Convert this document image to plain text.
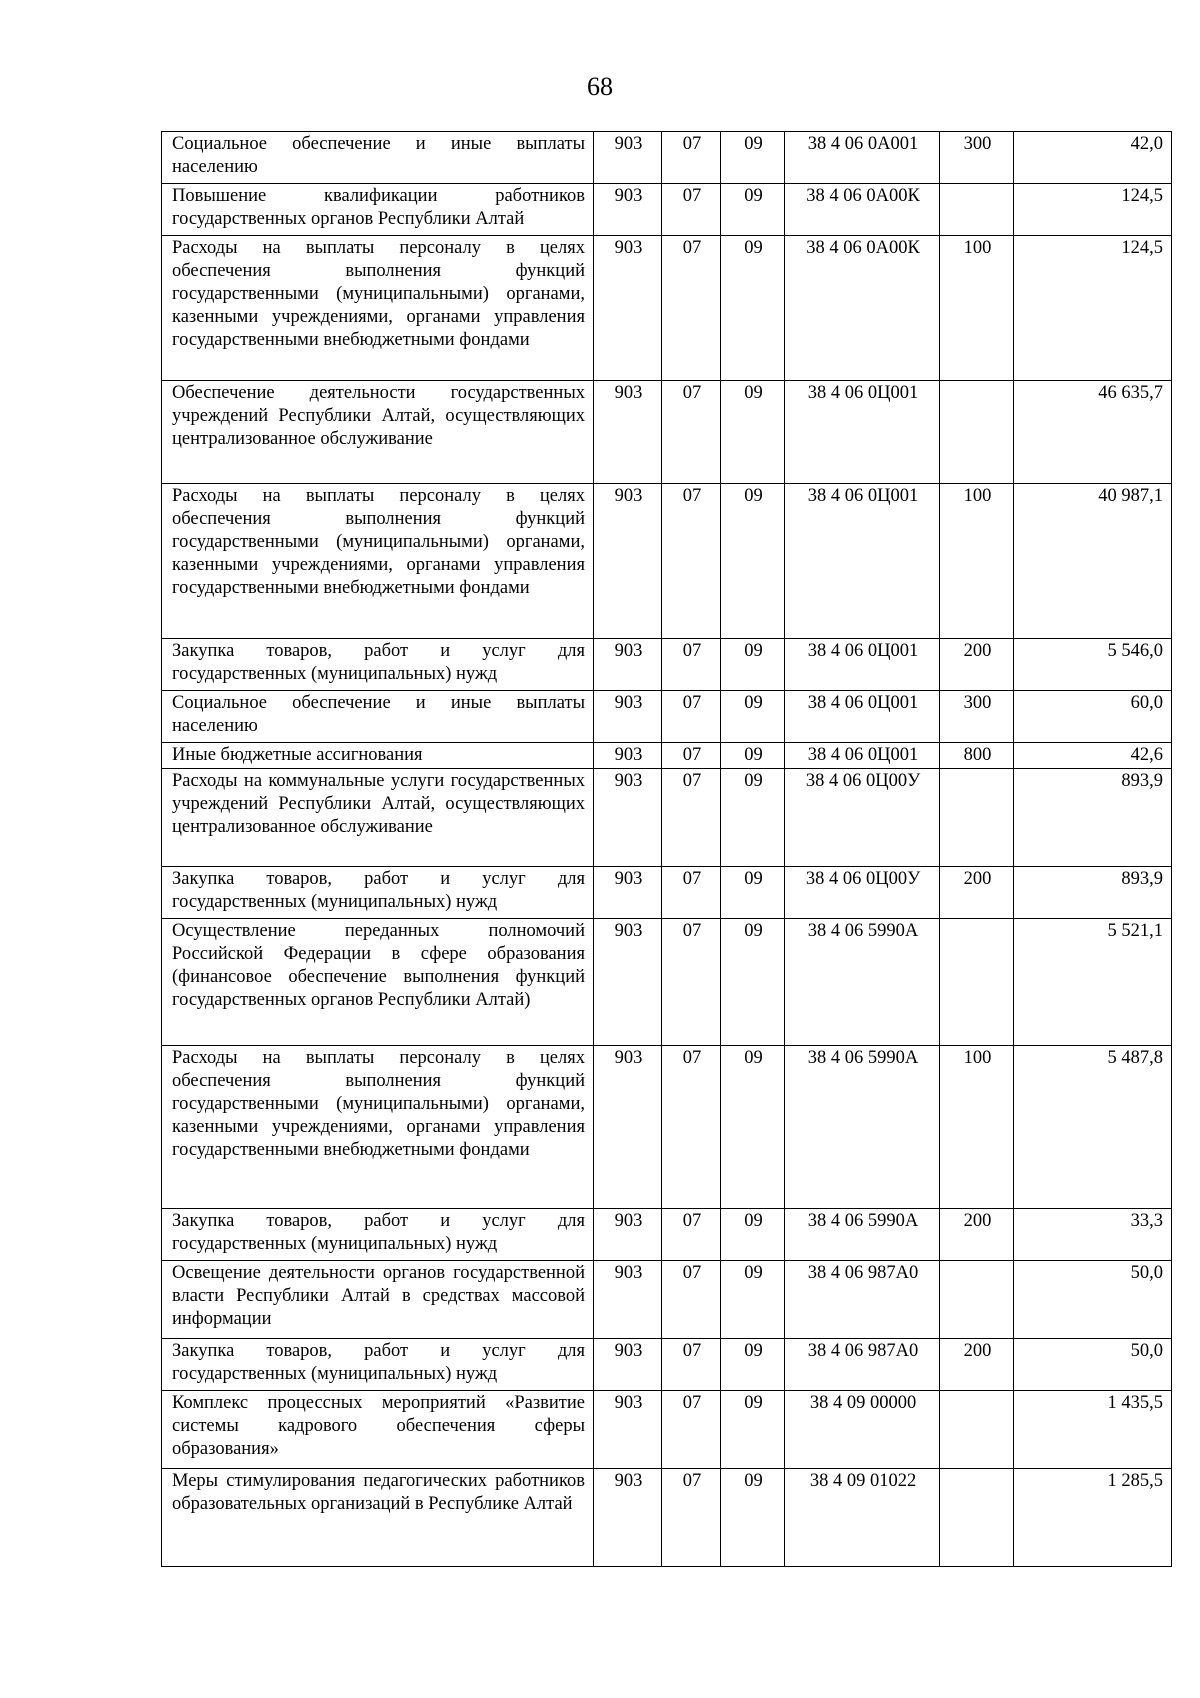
68
Социальное обеспечение и иные выплаты населению	903	07	09	38 4 06 0А001	300	42,0
Повышение квалификации работников государственных органов Республики Алтай	903	07	09	38 4 06 0А00К		124,5
Расходы на выплаты персоналу в целях обеспечения выполнения функций государственными (муниципальными) органами, казенными учреждениями, органами управления государственными внебюджетными фондами	903	07	09	38 4 06 0А00К	100	124,5
Обеспечение деятельности государственных учреждений Республики Алтай, осуществляющих централизованное обслуживание	903	07	09	38 4 06 0Ц001		46 635,7
Расходы на выплаты персоналу в целях обеспечения выполнения функций государственными (муниципальными) органами, казенными учреждениями, органами управления государственными внебюджетными фондами	903	07	09	38 4 06 0Ц001	100	40 987,1
Закупка товаров, работ и услуг для государственных (муниципальных) нужд	903	07	09	38 4 06 0Ц001	200	5 546,0
Социальное обеспечение и иные выплаты населению	903	07	09	38 4 06 0Ц001	300	60,0
Иные бюджетные ассигнования	903	07	09	38 4 06 0Ц001	800	42,6
Расходы на коммунальные услуги государственных учреждений Республики Алтай, осуществляющих централизованное обслуживание	903	07	09	38 4 06 0Ц00У		893,9
Закупка товаров, работ и услуг для государственных (муниципальных) нужд	903	07	09	38 4 06 0Ц00У	200	893,9
Осуществление переданных полномочий Российской Федерации в сфере образования (финансовое обеспечение выполнения функций государственных органов Республики Алтай)	903	07	09	38 4 06 5990А		5 521,1
Расходы на выплаты персоналу в целях обеспечения выполнения функций государственными (муниципальными) органами, казенными учреждениями, органами управления государственными внебюджетными фондами	903	07	09	38 4 06 5990А	100	5 487,8
Закупка товаров, работ и услуг для государственных (муниципальных) нужд	903	07	09	38 4 06 5990А	200	33,3
Освещение деятельности органов государственной власти Республики Алтай в средствах массовой информации	903	07	09	38 4 06 987А0		50,0
Закупка товаров, работ и услуг для государственных (муниципальных) нужд	903	07	09	38 4 06 987А0	200	50,0
Комплекс процессных мероприятий «Развитие системы кадрового обеспечения сферы образования»	903	07	09	38 4 09 00000		1 435,5
Меры стимулирования педагогических работников образовательных организаций в Республике Алтай	903	07	09	38 4 09 01022		1 285,5
